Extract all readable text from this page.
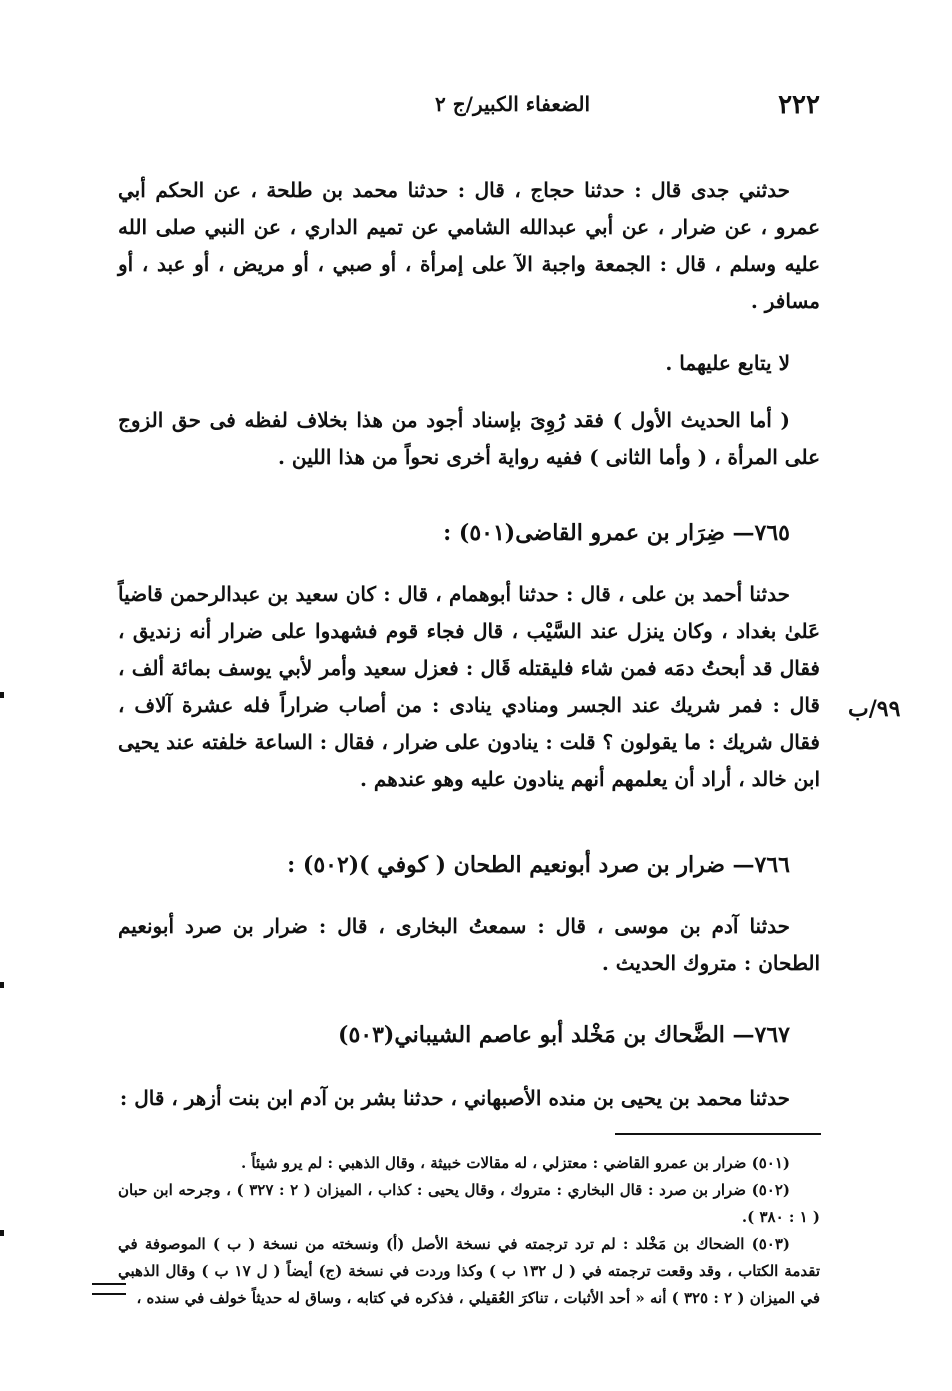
٢٢٢
الضعفاء الكبير/ج ٢

حدثني جدى قال : حدثنا حجاج ، قال : حدثنا محمد بن طلحة ، عن الحكم أبي عمرو ، عن ضرار ، عن أبي عبدالله الشامي عن تميم الداري ، عن النبي صلى الله عليه وسلم ، قال : الجمعة واجبة الآ على إمرأة ، أو صبي ، أو مريض ، أو عبد ، أو مسافر .

لا يتابع عليهما .

( أما الحديث الأول ) فقد رُوِىَ بإسناد أجود من هذا بخلاف لفظه فى حق الزوج على المرأة ، ( وأما الثانى ) ففيه رواية أخرى نحواً من هذا اللين .

٧٦٥— ضِرَار بن عمرو القاضى(٥٠١) :

حدثنا أحمد بن على ، قال : حدثنا أبوهمام ، قال : كان سعيد بن عبدالرحمن قاضياً عَلىٰ بغداد ، وكان ينزل عند السَّيْب ، قال فجاء قوم فشهدوا على ضرار أنه زنديق ، فقال قد أبحتُ دمَه فمن شاء فليقتله قَال : فعزل سعيد وأمر لأبي يوسف بمائة ألف ، قال : فمر شريك عند الجسر ومنادي ينادى : من أصاب ضراراً فله عشرة آلاف ، فقال شريك : ما يقولون ؟ قلت : ينادون على ضرار ، فقال : الساعة خلفته عند يحيى ابن خالد ، أراد أن يعلمهم أنهم ينادون عليه وهو عندهم .

٩٩/ب

٧٦٦— ضرار بن صرد أبونعيم الطحان ( كوفي )(٥٠٢) :

حدثنا آدم بن موسى ، قال : سمعتُ البخارى ، قال : ضرار بن صرد أبونعيم الطحان : متروك الحديث .

٧٦٧— الضَّحاك بن مَخْلد أبو عاصم الشيباني(٥٠٣)

حدثنا محمد بن يحيى بن منده الأصبهاني ، حدثنا بشر بن آدم ابن بنت أزهر ، قال :

(٥٠١) ضرار بن عمرو القاضي : معتزلي ، له مقالات خبيثة ، وقال الذهبي : لم يرو شيئاً .

(٥٠٢) ضرار بن صرد : قال البخاري : متروك ، وقال يحيى : كذاب ، الميزان ( ٢ : ٣٢٧ ) ، وجرحه ابن حبان ( ١ : ٣٨٠ ).

(٥٠٣) الضحاك بن مَخْلد : لم ترد ترجمته في نسخة الأصل (أ) ونسخته من نسخة ( ب ) الموصوفة في تقدمة الكتاب ، وقد وقعت ترجمته في ( ل ١٣٢ ب ) وكذا وردت في نسخة (ج) أيضاً ( ل ١٧ ب ) وقال الذهبي في الميزان ( ٢ : ٣٢٥ ) أنه « أحد الأثبات ، تناكرَ العُقيلي ، فذكره في كتابه ، وساق له حديثاً خولف في سنده ،
